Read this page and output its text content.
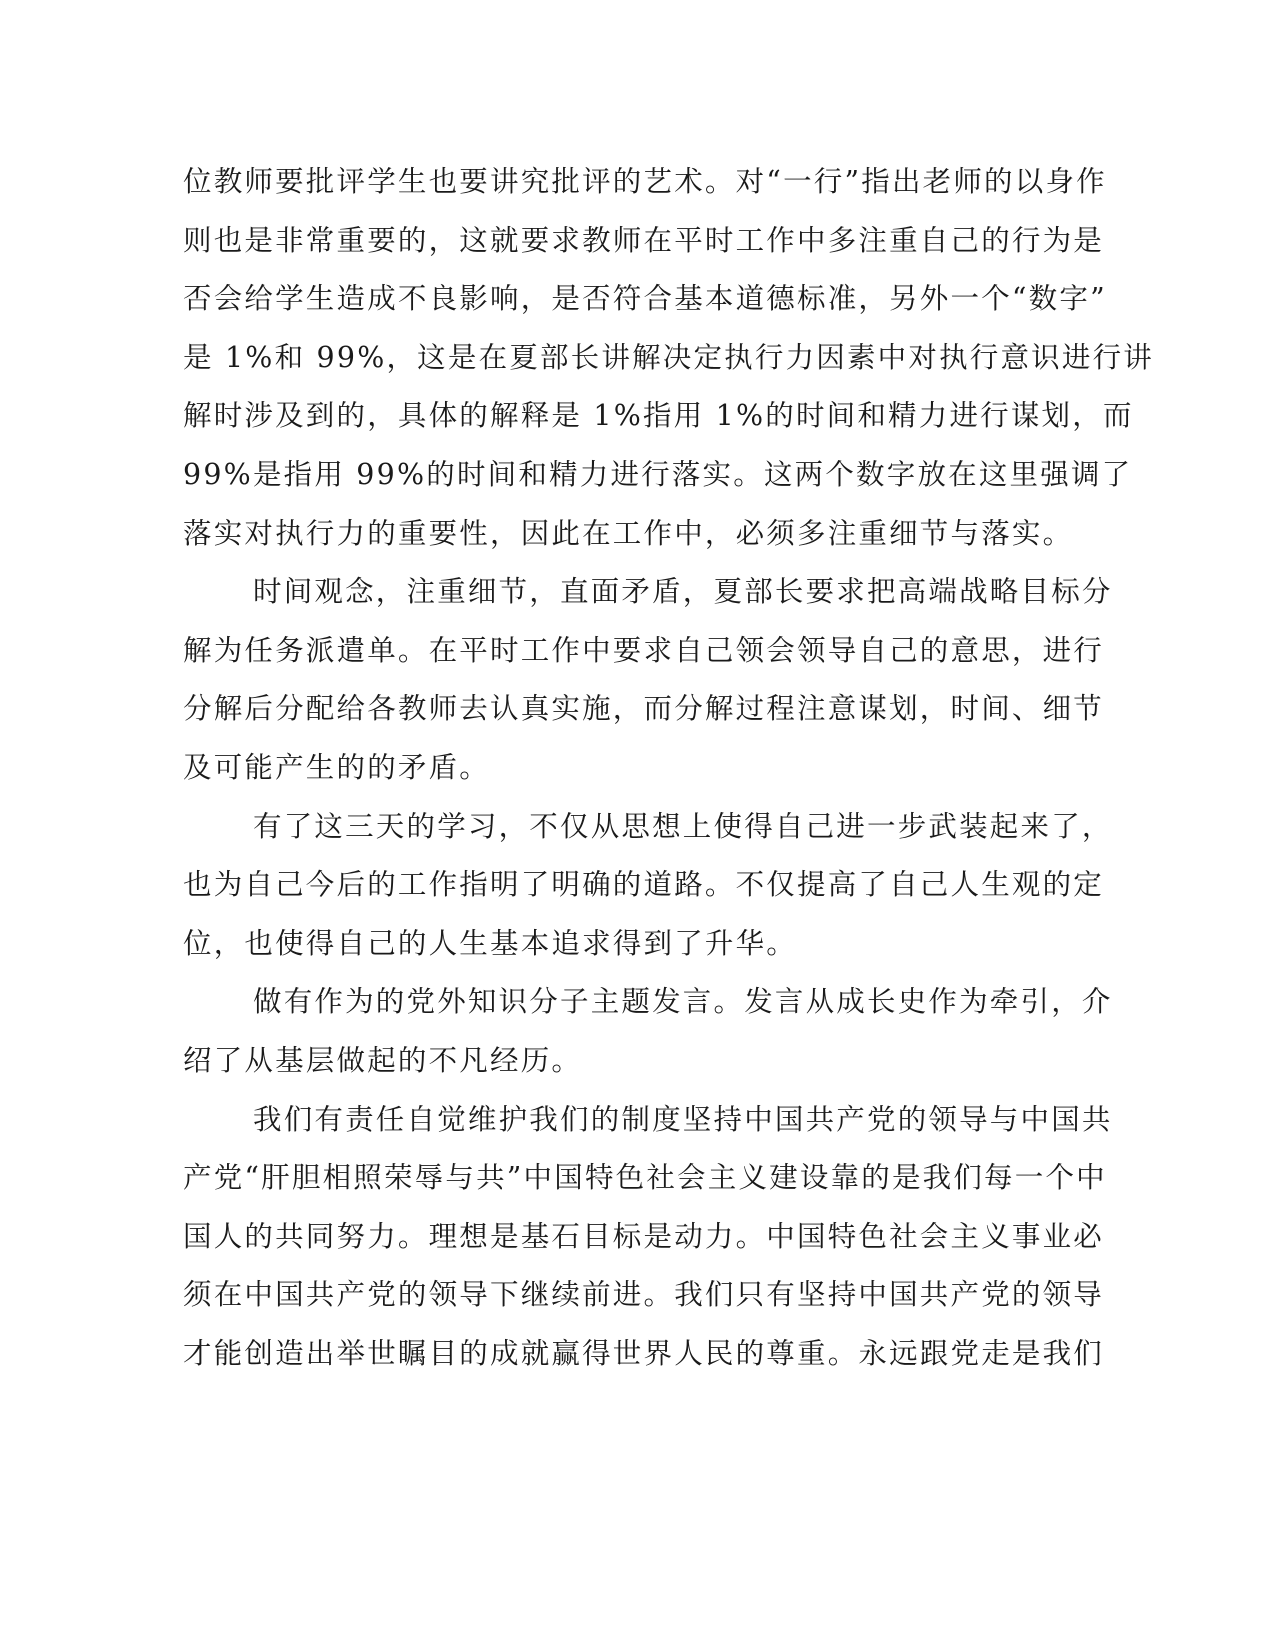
位教师要批评学生也要讲究批评的艺术。对“一行”指出老师的以身作
则也是非常重要的，这就要求教师在平时工作中多注重自己的行为是
否会给学生造成不良影响，是否符合基本道德标准，另外一个“数字”
是 1%和 99%，这是在夏部长讲解决定执行力因素中对执行意识进行讲
解时涉及到的，具体的解释是 1%指用 1%的时间和精力进行谋划，而
99%是指用 99%的时间和精力进行落实。这两个数字放在这里强调了
落实对执行力的重要性，因此在工作中，必须多注重细节与落实。
时间观念，注重细节，直面矛盾，夏部长要求把高端战略目标分
解为任务派遣单。在平时工作中要求自己领会领导自己的意思，进行
分解后分配给各教师去认真实施，而分解过程注意谋划，时间、细节
及可能产生的的矛盾。
有了这三天的学习，不仅从思想上使得自己进一步武装起来了，
也为自己今后的工作指明了明确的道路。不仅提高了自己人生观的定
位，也使得自己的人生基本追求得到了升华。
做有作为的党外知识分子主题发言。发言从成长史作为牵引，介
绍了从基层做起的不凡经历。
我们有责任自觉维护我们的制度坚持中国共产党的领导与中国共
产党“肝胆相照荣辱与共”中国特色社会主义建设靠的是我们每一个中
国人的共同努力。理想是基石目标是动力。中国特色社会主义事业必
须在中国共产党的领导下继续前进。我们只有坚持中国共产党的领导
才能创造出举世瞩目的成就赢得世界人民的尊重。永远跟党走是我们
